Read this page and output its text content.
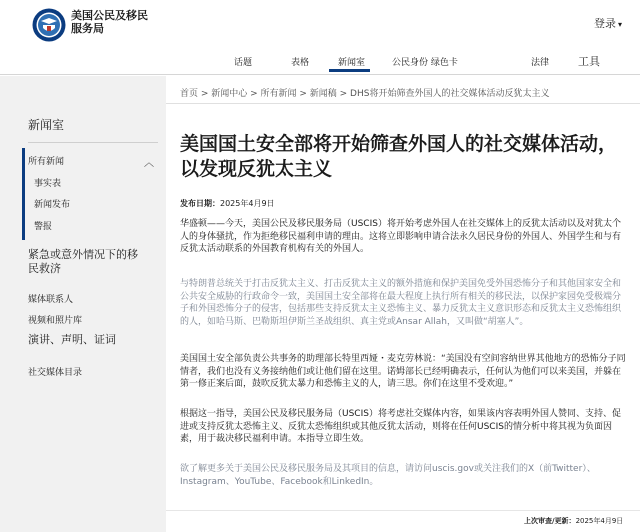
美国公民及移民
服务局	登录 ▾
话题	表格	新闻室	公民身份 绿色卡	法律	工具
新闻室
所有新闻	︿
事实表
新闻发布
警报
紧急或意外情况下的移民救济
媒体联系人
视频和照片库
演讲、声明、证词
社交媒体目录
首页 > 新闻中心 > 所有新闻 > 新闻稿 > DHS将开始筛查外国人的社交媒体活动反犹太主义
美国国土安全部将开始筛查外国人的社交媒体活动，以发现反犹太主义
发布日期：2025年4月9日

华盛顿——今天，美国公民及移民服务局（USCIS）将开始考虑外国人在社交媒体上的反犹太活动以及对犹太个人的身体骚扰，作为拒绝移民福利申请的理由。这将立即影响申请合法永久居民身份的外国人、外国学生和与有反犹太活动联系的外国教育机构有关的外国人。

与特朗普总统关于打击反犹太主义、打击反犹太主义的额外措施和保护美国免受外国恐怖分子和其他国家安全和公共安全威胁的行政命令一致，美国国土安全部将在最大程度上执行所有相关的移民法，以保护家园免受极端分子和外国恐怖分子的侵害，包括那些支持反犹太主义恐怖主义、暴力反犹太主义意识形态和反犹太主义恐怖组织的人，如哈马斯、巴勒斯坦伊斯兰圣战组织、真主党或Ansar Allah，又叫做“胡塞人”。

美国国土安全部负责公共事务的助理部长特里西娅・麦克劳林说：“美国没有空间容纳世界其他地方的恐怖分子同情者，我们也没有义务接纳他们或让他们留在这里。诺姆部长已经明确表示，任何认为他们可以来美国，并躲在第一修正案后面，鼓吹反犹太暴力和恐怖主义的人，请三思。你们在这里不受欢迎。”

根据这一指导，美国公民及移民服务局（USCIS）将考虑社交媒体内容，如果该内容表明外国人赞同、支持、促进或支持反犹太恐怖主义、反犹太恐怖组织或其他反犹太活动，则将在任何USCIS的情分析中将其视为负面因素，用于裁决移民福利申请。本指导立即生效。

欲了解更多关于美国公民及移民服务局及其项目的信息，请访问uscis.gov或关注我们的X（前Twitter）、Instagram、YouTube、Facebook和LinkedIn。

上次审查/更新：2025年4月9日
